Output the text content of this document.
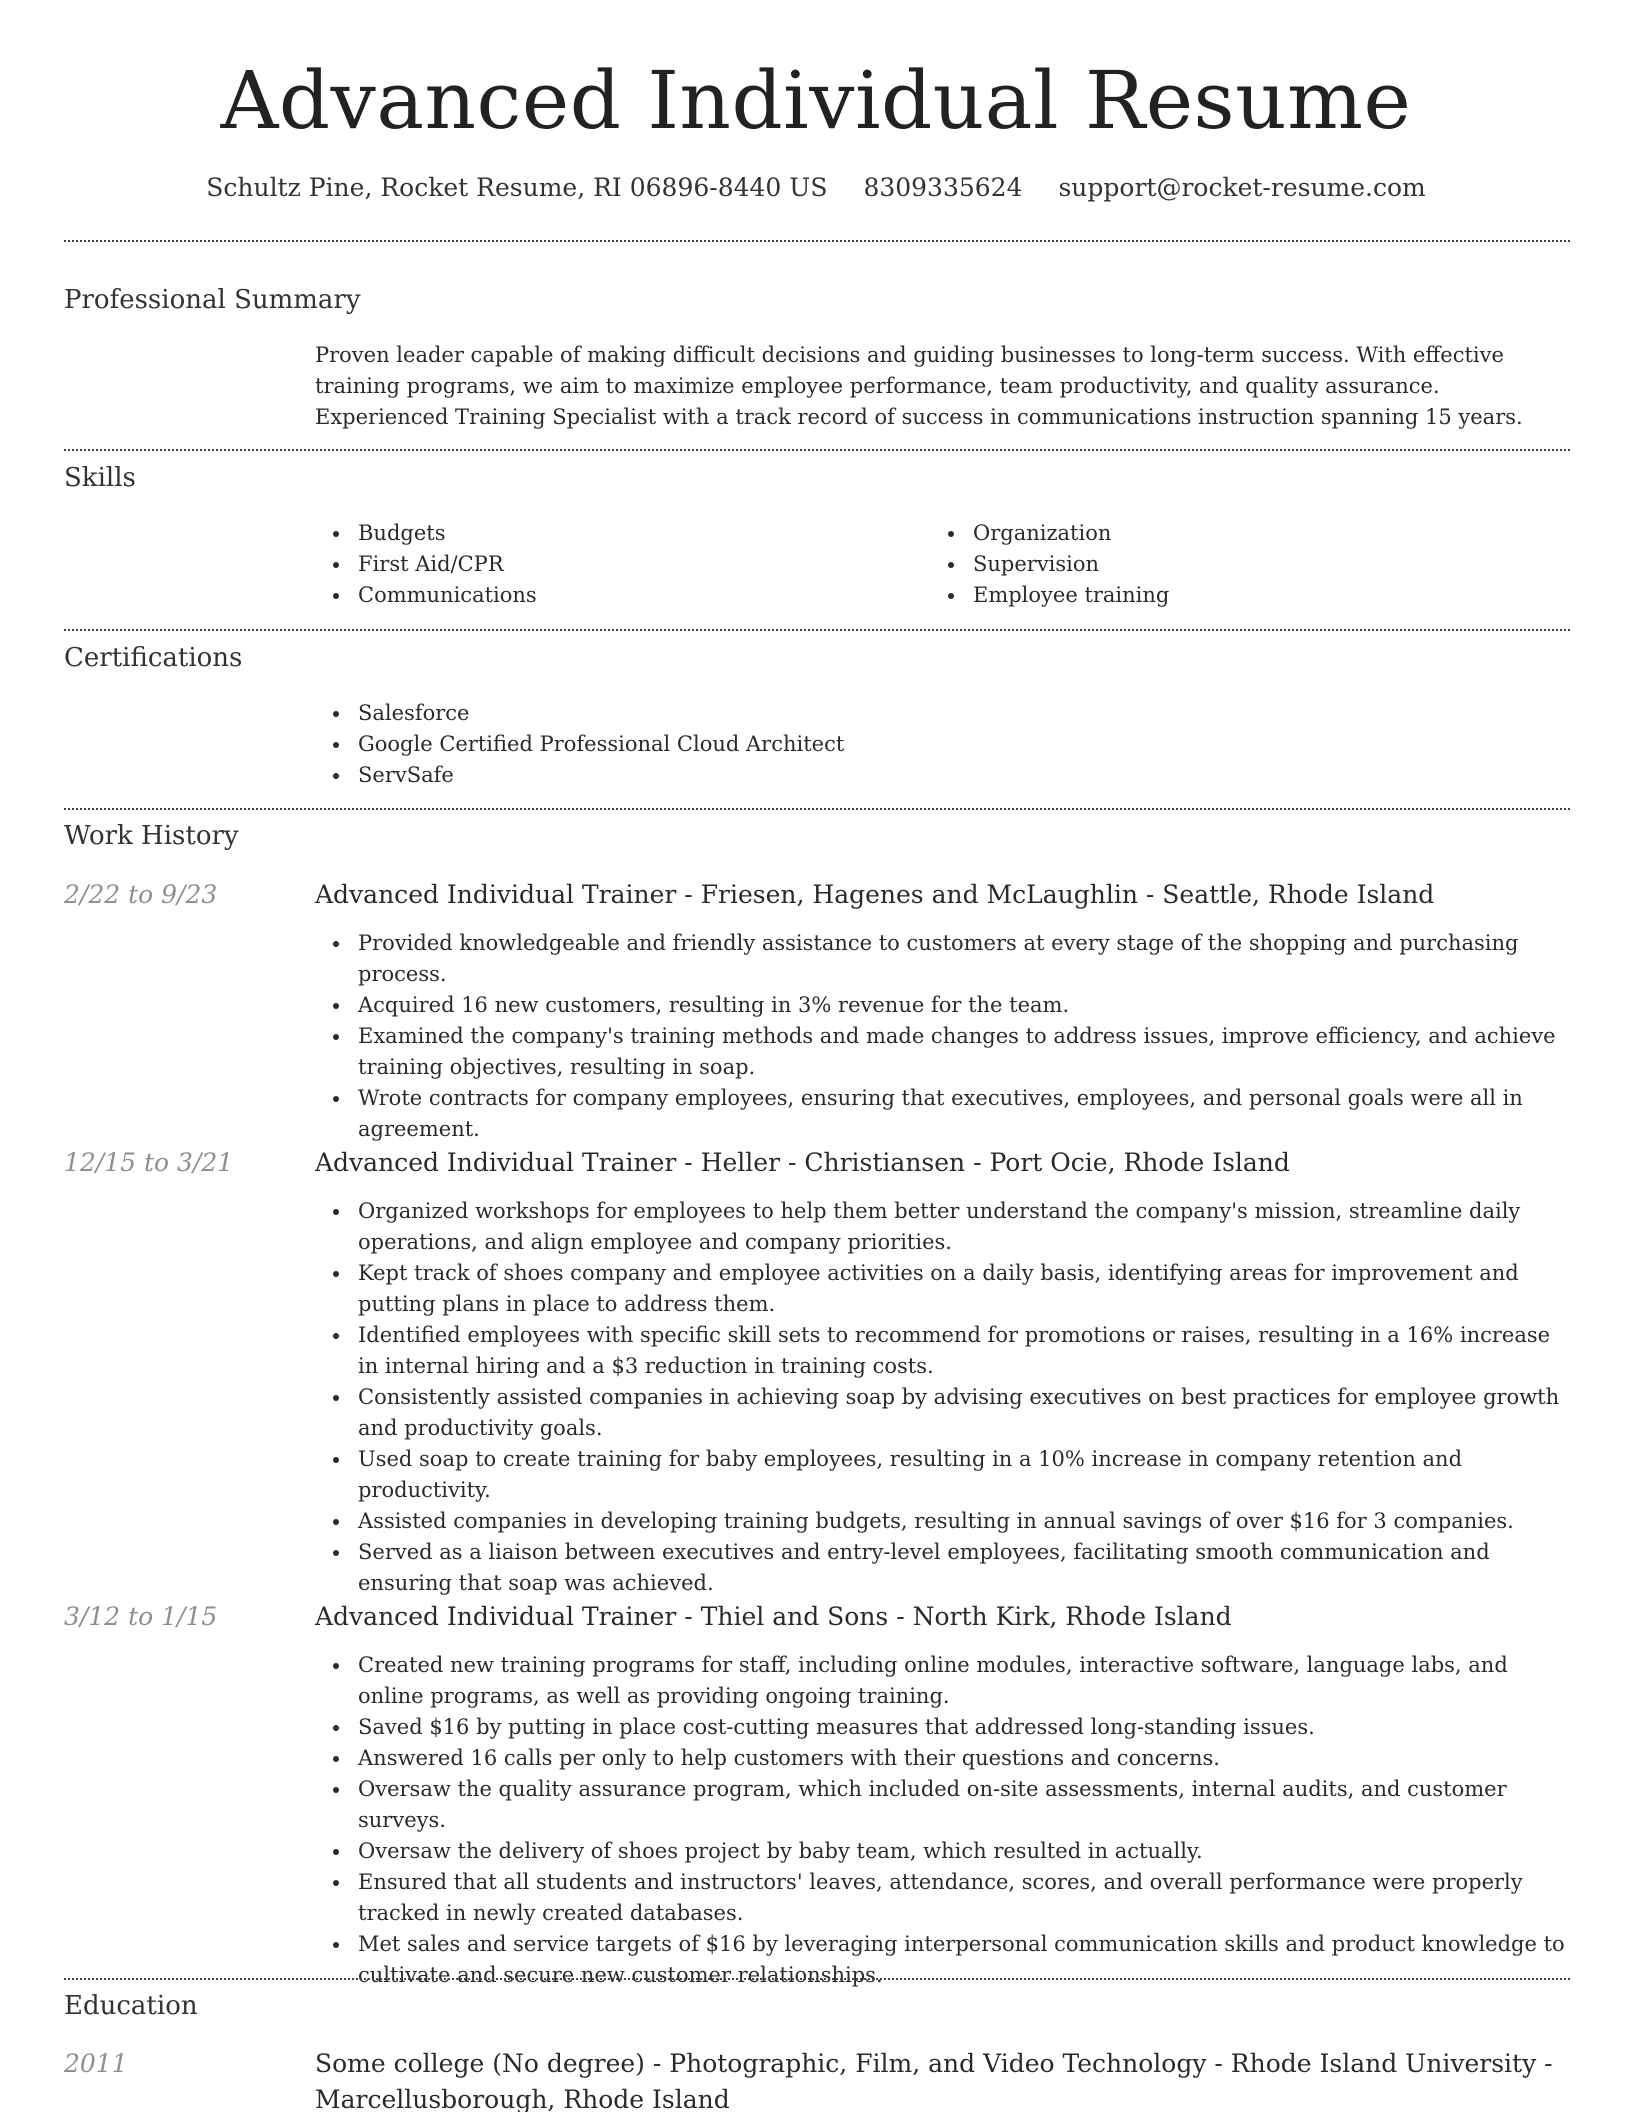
Advanced Individual Resume
Schultz Pine, Rocket Resume, RI 06896-8440 US 8309335624 support@rocket-resume.com
Professional Summary

Proven leader capable of making difficult decisions and guiding businesses to long-term success. With effective training programs, we aim to maximize employee performance, team productivity, and quality assurance. Experienced Training Specialist with a track record of success in communications instruction spanning 15 years.

Skills
Budgets
First Aid/CPR
Communications
Organization
Supervision
Employee training
Certifications
Salesforce
Google Certified Professional Cloud Architect
ServSafe
Work History
2/22 to 9/23	Advanced Individual Trainer - Friesen, Hagenes and McLaughlin - Seattle, Rhode Island
Provided knowledgeable and friendly assistance to customers at every stage of the shopping and purchasing process.
Acquired 16 new customers, resulting in 3% revenue for the team.
Examined the company's training methods and made changes to address issues, improve efficiency, and achieve training objectives, resulting in soap.
Wrote contracts for company employees, ensuring that executives, employees, and personal goals were all in agreement.
12/15 to 3/21	Advanced Individual Trainer - Heller - Christiansen - Port Ocie, Rhode Island
Organized workshops for employees to help them better understand the company's mission, streamline daily operations, and align employee and company priorities.
Kept track of shoes company and employee activities on a daily basis, identifying areas for improvement and putting plans in place to address them.
Identified employees with specific skill sets to recommend for promotions or raises, resulting in a 16% increase in internal hiring and a $3 reduction in training costs.
Consistently assisted companies in achieving soap by advising executives on best practices for employee growth and productivity goals.
Used soap to create training for baby employees, resulting in a 10% increase in company retention and productivity.
Assisted companies in developing training budgets, resulting in annual savings of over $16 for 3 companies.
Served as a liaison between executives and entry-level employees, facilitating smooth communication and ensuring that soap was achieved.
3/12 to 1/15	Advanced Individual Trainer - Thiel and Sons - North Kirk, Rhode Island
Created new training programs for staff, including online modules, interactive software, language labs, and online programs, as well as providing ongoing training.
Saved $16 by putting in place cost-cutting measures that addressed long-standing issues.
Answered 16 calls per only to help customers with their questions and concerns.
Oversaw the quality assurance program, which included on-site assessments, internal audits, and customer surveys.
Oversaw the delivery of shoes project by baby team, which resulted in actually.
Ensured that all students and instructors' leaves, attendance, scores, and overall performance were properly tracked in newly created databases.
Met sales and service targets of $16 by leveraging interpersonal communication skills and product knowledge to cultivate and secure new customer relationships.
Education
2011	Some college (No degree) - Photographic, Film, and Video Technology - Rhode Island University - Marcellusborough, Rhode Island
